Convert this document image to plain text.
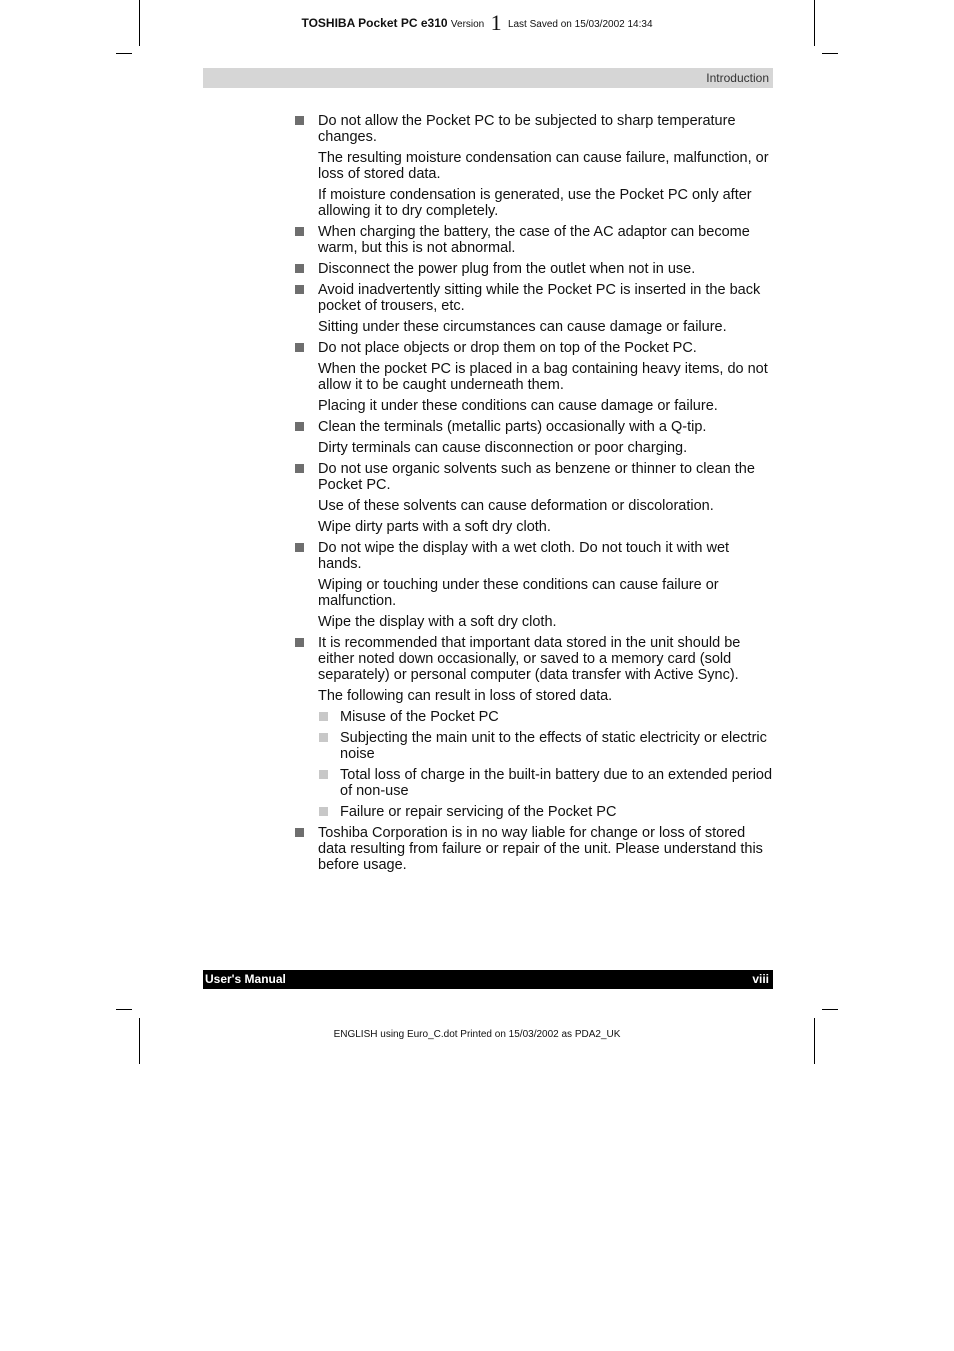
TOSHIBA Pocket PC e310 Version 1 Last Saved on 15/03/2002 14:34
Introduction
Do not allow the Pocket PC to be subjected to sharp temperature changes.
The resulting moisture condensation can cause failure, malfunction, or loss of stored data.
If moisture condensation is generated, use the Pocket PC only after allowing it to dry completely.
When charging the battery, the case of the AC adaptor can become warm, but this is not abnormal.
Disconnect the power plug from the outlet when not in use.
Avoid inadvertently sitting while the Pocket PC is inserted in the back pocket of trousers, etc.
Sitting under these circumstances can cause damage or failure.
Do not place objects or drop them on top of the Pocket PC.
When the pocket PC is placed in a bag containing heavy items, do not allow it to be caught underneath them.
Placing it under these conditions can cause damage or failure.
Clean the terminals (metallic parts) occasionally with a Q-tip.
Dirty terminals can cause disconnection or poor charging.
Do not use organic solvents such as benzene or thinner to clean the Pocket PC.
Use of these solvents can cause deformation or discoloration.
Wipe dirty parts with a soft dry cloth.
Do not wipe the display with a wet cloth. Do not touch it with wet hands.
Wiping or touching under these conditions can cause failure or malfunction.
Wipe the display with a soft dry cloth.
It is recommended that important data stored in the unit should be either noted down occasionally, or saved to a memory card (sold separately) or personal computer (data transfer with Active Sync).
The following can result in loss of stored data.
Misuse of the Pocket PC
Subjecting the main unit to the effects of static electricity or electric noise
Total loss of charge in the built-in battery due to an extended period of non-use
Failure or repair servicing of the Pocket PC
Toshiba Corporation is in no way liable for change or loss of stored data resulting from failure or repair of the unit. Please understand this before usage.
User's Manual	viii
ENGLISH using Euro_C.dot Printed on 15/03/2002 as PDA2_UK
